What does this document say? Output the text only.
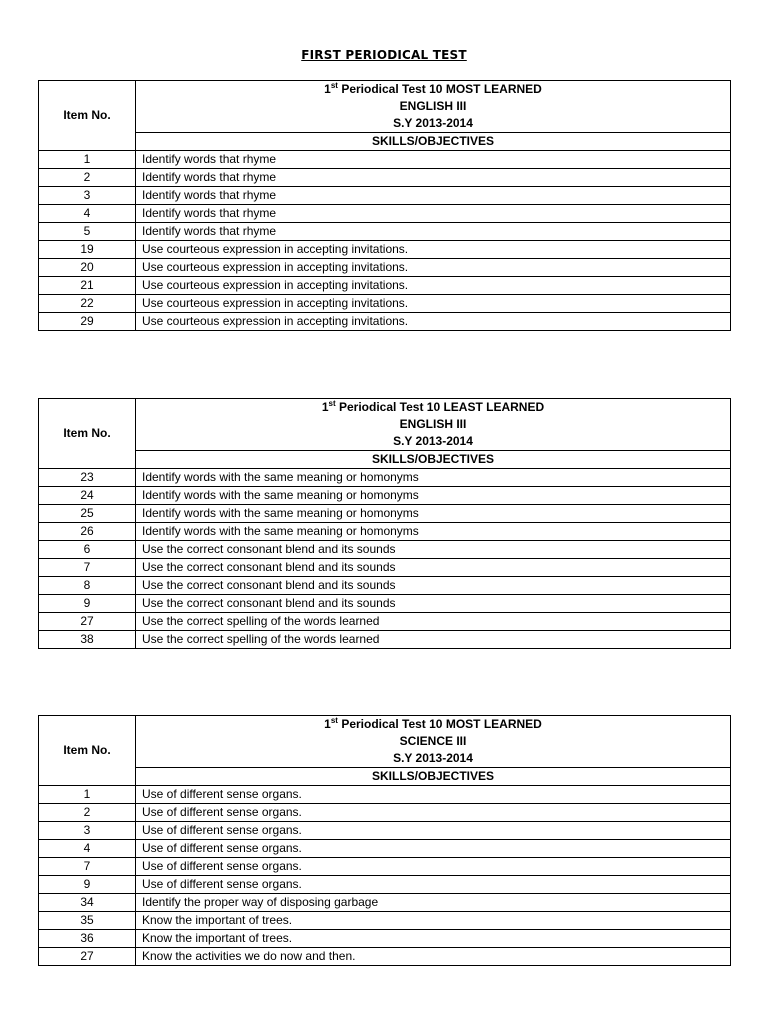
FIRST PERIODICAL TEST
Item No.	1st Periodical Test 10 MOST LEARNED
	ENGLISH III
	S.Y 2013-2014
	SKILLS/OBJECTIVES
1	Identify words that rhyme
2	Identify words that rhyme
3	Identify words that rhyme
4	Identify words that rhyme
5	Identify words that rhyme
19	Use courteous expression in accepting invitations.
20	Use courteous expression in accepting invitations.
21	Use courteous expression in accepting invitations.
22	Use courteous expression in accepting invitations.
29	Use courteous expression in accepting invitations.
Item No.	1st Periodical Test 10 LEAST LEARNED
	ENGLISH III
	S.Y 2013-2014
	SKILLS/OBJECTIVES
23	Identify words with the same meaning or homonyms
24	Identify words with the same meaning or homonyms
25	Identify words with the same meaning or homonyms
26	Identify words with the same meaning or homonyms
6	Use the correct consonant blend and its sounds
7	Use the correct consonant blend and its sounds
8	Use the correct consonant blend and its sounds
9	Use the correct consonant blend and its sounds
27	Use the correct spelling of the words learned
38	Use the correct spelling of the words learned
Item No.	1st Periodical Test 10 MOST LEARNED
	SCIENCE III
	S.Y 2013-2014
	SKILLS/OBJECTIVES
1	Use of different sense organs.
2	Use of different sense organs.
3	Use of different sense organs.
4	Use of different sense organs.
7	Use of different sense organs.
9	Use of different sense organs.
34	Identify the proper way of disposing garbage
35	Know the important of trees.
36	Know the important of trees.
27	Know the activities we do now and then.
